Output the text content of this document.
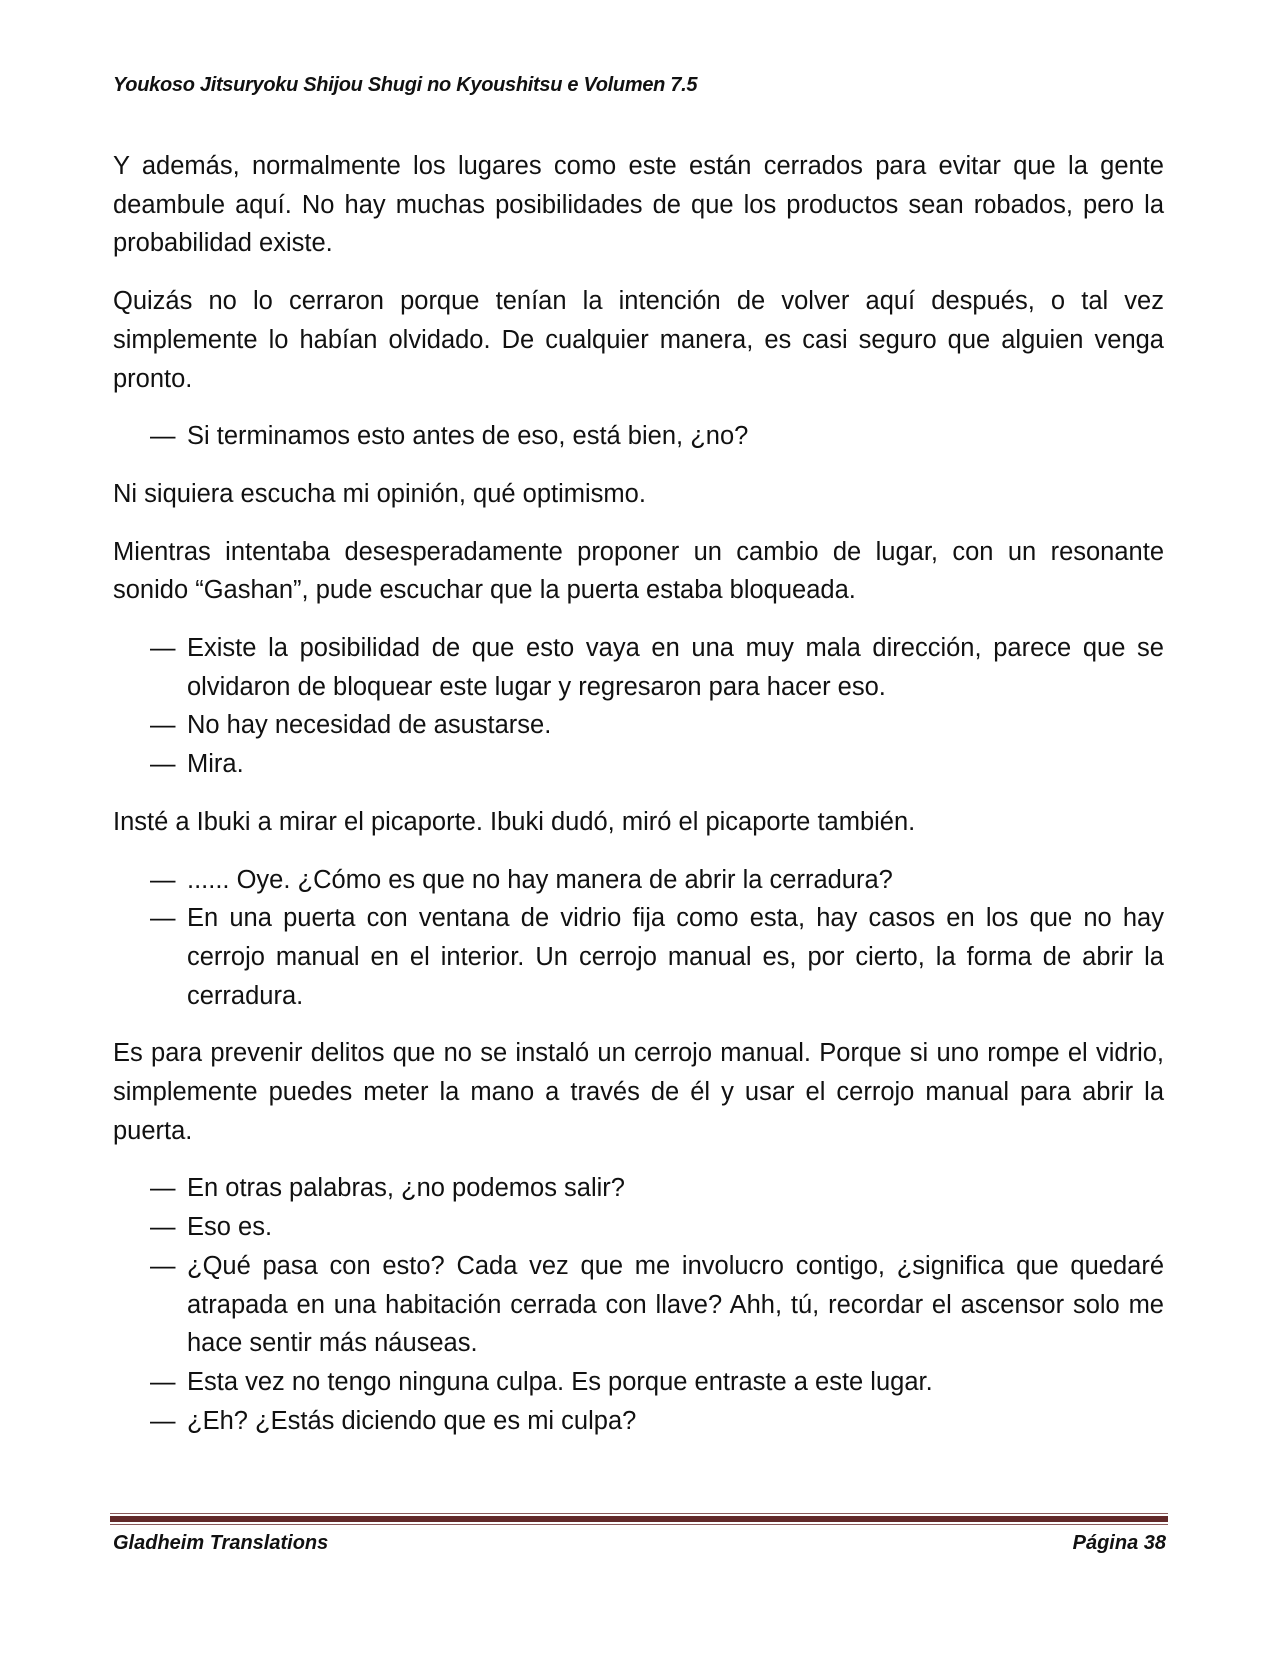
Youkoso Jitsuryoku Shijou Shugi no Kyoushitsu e Volumen 7.5

Y además, normalmente los lugares como este están cerrados para evitar que la gente deambule aquí. No hay muchas posibilidades de que los productos sean robados, pero la probabilidad existe.

Quizás no lo cerraron porque tenían la intención de volver aquí después, o tal vez simplemente lo habían olvidado. De cualquier manera, es casi seguro que alguien venga pronto.

— Si terminamos esto antes de eso, está bien, ¿no?

Ni siquiera escucha mi opinión, qué optimismo.

Mientras intentaba desesperadamente proponer un cambio de lugar, con un resonante sonido “Gashan”, pude escuchar que la puerta estaba bloqueada.

— Existe la posibilidad de que esto vaya en una muy mala dirección, parece que se olvidaron de bloquear este lugar y regresaron para hacer eso.

— No hay necesidad de asustarse.

— Mira.

Insté a Ibuki a mirar el picaporte. Ibuki dudó, miró el picaporte también.

— ...... Oye. ¿Cómo es que no hay manera de abrir la cerradura?

— En una puerta con ventana de vidrio fija como esta, hay casos en los que no hay cerrojo manual en el interior. Un cerrojo manual es, por cierto, la forma de abrir la cerradura.

Es para prevenir delitos que no se instaló un cerrojo manual. Porque si uno rompe el vidrio, simplemente puedes meter la mano a través de él y usar el cerrojo manual para abrir la puerta.

— En otras palabras, ¿no podemos salir?

— Eso es.

— ¿Qué pasa con esto? Cada vez que me involucro contigo, ¿significa que quedaré atrapada en una habitación cerrada con llave? Ahh, tú, recordar el ascensor solo me hace sentir más náuseas.

— Esta vez no tengo ninguna culpa. Es porque entraste a este lugar.

— ¿Eh? ¿Estás diciendo que es mi culpa?

Gladheim Translations	Página 38
